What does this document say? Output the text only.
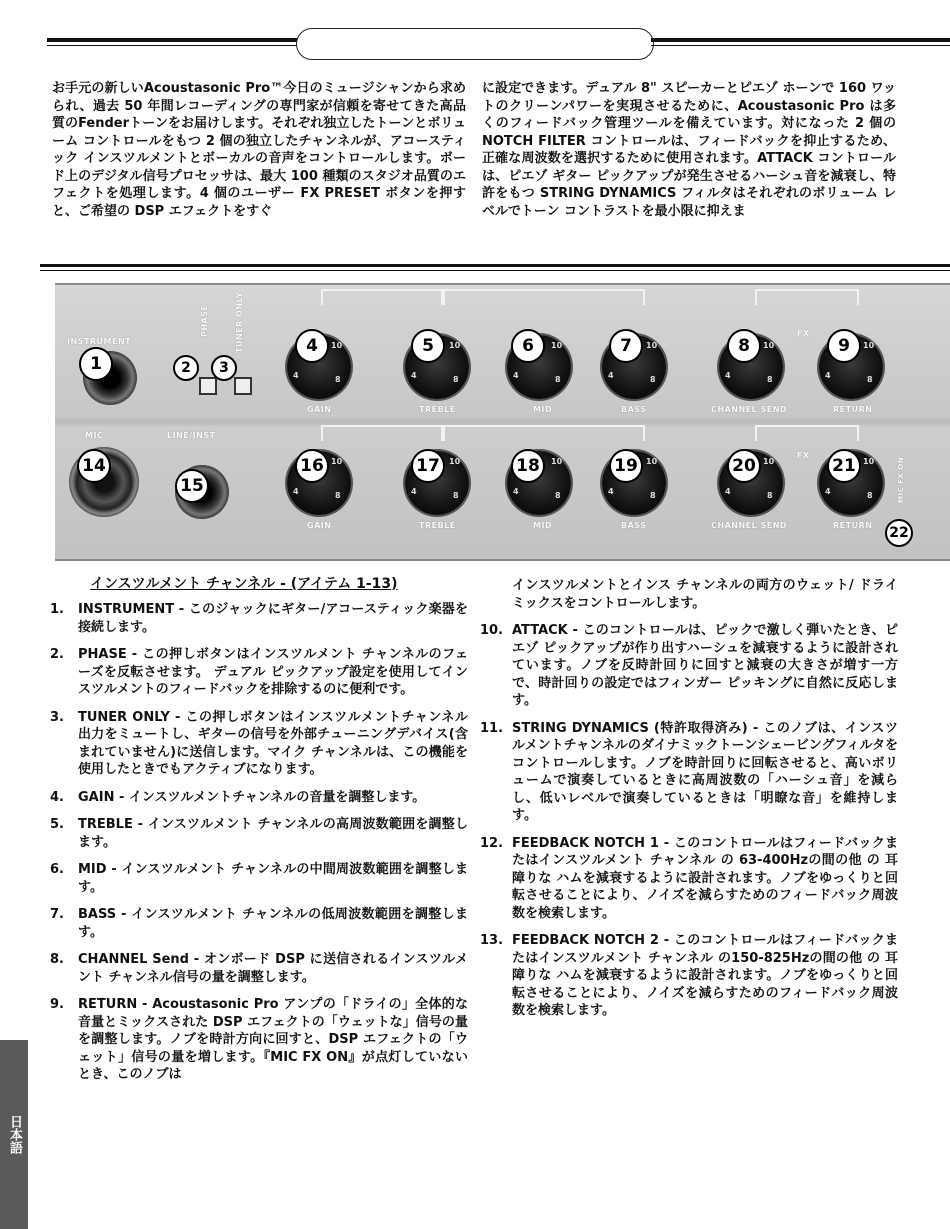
お手元の新しいAcoustasonic Pro™今日のミュージシャンから求められ、過去 50 年間レコーディングの専門家が信頼を寄せてきた高品質のFenderトーンをお届けします。それぞれ独立したトーンとボリューム コントロールをもつ 2 個の独立したチャンネルが、アコースティック インスツルメントとボーカルの音声をコントロールします。ボード上のデジタル信号プロセッサは、最大 100 種類のスタジオ品質のエフェクトを処理します。4 個のユーザー FX PRESET ボタンを押すと、ご希望の DSP エフェクトをすぐ
に設定できます。デュアル 8" スピーカーとピエゾ ホーンで 160 ワットのクリーンパワーを実現させるために、Acoustasonic Pro は多くのフィードバック管理ツールを備えています。対になった 2 個の NOTCH FILTER コントロールは、フィードバックを抑止するため、正確な周波数を選択するために使用されます。ATTACK コントロールは、ピエゾ ギター ピックアップが発生させるハーシュ音を減衰し、特許をもつ STRING DYNAMICS フィルタはそれぞれのボリューム レベルでトーン コントラストを最小限に抑えま
INSTRUMENT
PHASE	TUNER ONLY
GAIN	TREBLE	MID	BASS
FX
CHANNEL SEND	RETURN
10
4	8
10
4	8
10
4	8
10
4	8
10
4	8
10
4	8
1	2	3
4	5	6	7	8	9
MIC	LINE/INST
GAIN	TREBLE	MID	BASS
FX
CHANNEL SEND	RETURN
MIC FX ON
10
4	8
10
4	8
10
4	8
10
4	8
10
4	8
10
4	8
14
15
16	17	18	19	20	21
22
インスツルメント チャンネル - (アイテム 1-13)
1. INSTRUMENT - このジャックにギター/アコースティック楽器を接続します。
2. PHASE - この押しボタンはインスツルメント チャンネルのフェーズを反転させます。 デュアル ピックアップ設定を使用してインスツルメントのフィードバックを排除するのに便利です。
3. TUNER ONLY - この押しボタンはインスツルメントチャンネル出力をミュートし、ギターの信号を外部チューニングデバイス(含まれていません)に送信します。マイク チャンネルは、この機能を使用したときでもアクティブになります。
4. GAIN - インスツルメントチャンネルの音量を調整します。
5. TREBLE - インスツルメント チャンネルの高周波数範囲を調整します。
6. MID - インスツルメント チャンネルの中間周波数範囲を調整します。
7. BASS - インスツルメント チャンネルの低周波数範囲を調整します。
8. CHANNEL Send - オンボード DSP に送信されるインスツルメント チャンネル信号の量を調整します。
9. RETURN - Acoustasonic Pro アンプの「ドライの」全体的な音量とミックスされた DSP エフェクトの「ウェットな」信号の量を調整します。ノブを時計方向に回すと、DSP エフェクトの「ウェット」信号の量を増します。『MIC FX ON』が点灯していないとき、このノブは
インスツルメントとインス チャンネルの両方のウェット/ ドライ ミックスをコントロールします。
10. ATTACK - このコントロールは、ピックで激しく弾いたとき、ピエゾ ピックアップが作り出すハーシュを減衰するように設計されています。ノブを反時計回りに回すと減衰の大きさが増す一方で、時計回りの設定ではフィンガー ピッキングに自然に反応します。
11. STRING DYNAMICS (特許取得済み) - このノブは、インスツルメントチャンネルのダイナミックトーンシェービングフィルタをコントロールします。ノブを時計回りに回転させると、高いボリュームで演奏しているときに高周波数の「ハーシュ音」を減らし、低いレベルで演奏しているときは「明瞭な音」を維持します。
12. FEEDBACK NOTCH 1 - このコントロールはフィードバックまたはインスツルメント チャンネル の 63-400Hzの間の他 の 耳障りな ハムを減衰するように設計されます。ノブをゆっくりと回転させることにより、ノイズを減らすためのフィードバック周波数を検索します。
13. FEEDBACK NOTCH 2 - このコントロールはフィードバックまたはインスツルメント チャンネル の150-825Hzの間の他 の 耳障りな ハムを減衰するように設計されます。ノブをゆっくりと回転させることにより、ノイズを減らすためのフィードバック周波数を検索します。
日本語
